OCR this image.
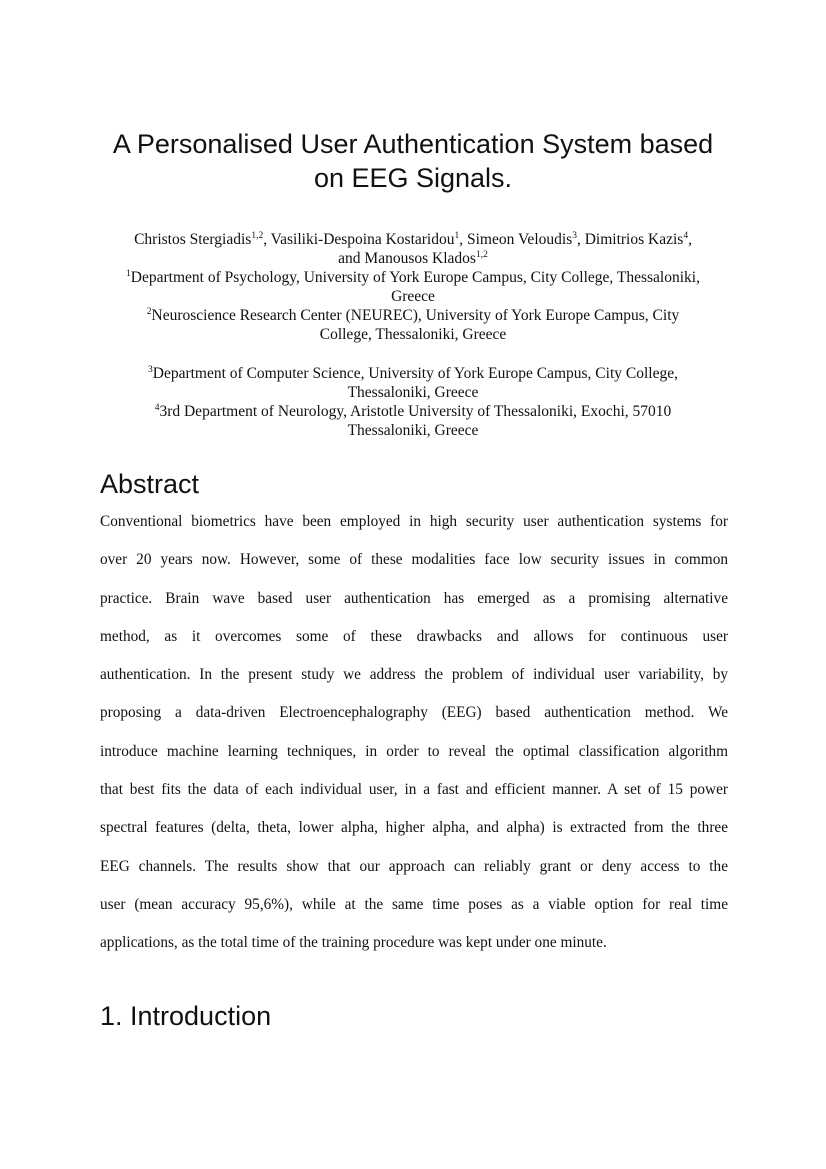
A Personalised User Authentication System based
on EEG Signals.
Christos Stergiadis$^{1,2}$, Vasiliki-Despoina Kostaridou$^1$, Simeon Veloudis$^3$, Dimitrios Kazis$^4$,
and Manousos Klados$^{1,2}$
$^1$Department of Psychology, University of York Europe Campus, City College, Thessaloniki,
Greece
$^2$Neuroscience Research Center (NEUREC), University of York Europe Campus, City
College, Thessaloniki, Greece
$^3$Department of Computer Science, University of York Europe Campus, City College,
Thessaloniki, Greece
$^4$3rd Department of Neurology, Aristotle University of Thessaloniki, Exochi, 57010
Thessaloniki, Greece
Abstract
Conventional biometrics have been employed in high security user authentication systems for
over 20 years now. However, some of these modalities face low security issues in common
practice. Brain wave based user authentication has emerged as a promising alternative
method, as it overcomes some of these drawbacks and allows for continuous user
authentication. In the present study we address the problem of individual user variability, by
proposing a data-driven Electroencephalography (EEG) based authentication method. We
introduce machine learning techniques, in order to reveal the optimal classification algorithm
that best fits the data of each individual user, in a fast and efficient manner. A set of 15 power
spectral features (delta, theta, lower alpha, higher alpha, and alpha) is extracted from the three
EEG channels. The results show that our approach can reliably grant or deny access to the
user (mean accuracy 95,6%), while at the same time poses as a viable option for real time
applications, as the total time of the training procedure was kept under one minute.
1. Introduction
